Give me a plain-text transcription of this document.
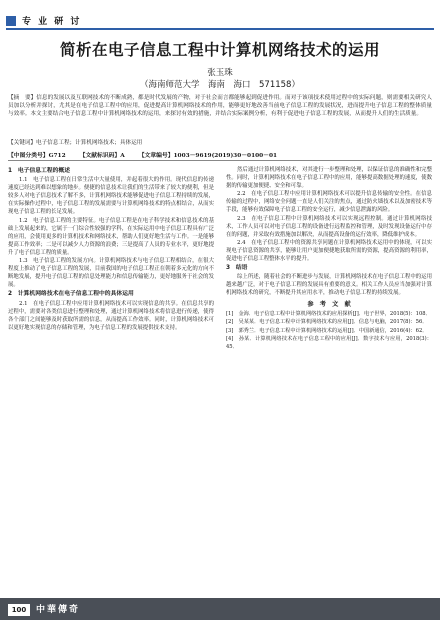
专 业 研 讨
简析在电子信息工程中计算机网络技术的运用
张玉珠
（海南师范大学　海南　海口　571158）
【摘　要】信息的发展以及互联网技术的不断成熟，都是时代发展的产物，对于社会而言都能够起到促进作用。而对于该项技术使用过程中的实际问题，则需要相关研究人员加以分析并探讨，尤其是在电子信息工程中的应用，促进提高计算机网络技术的作用，能够更好地改善当前电子信息工程的发展状况，进而提升电子信息工程的整体质量与效率。本文主要结合电子信息工程中计算机网络技术的运用，来探讨有效的措施，并结合实际案例分析，有利于促进电子信息工程的发展，从而提升人们的生活质量。
【关键词】电子信息工程；计算机网络技术；具体运用
【中图分类号】G712 【文献标识码】A 【文章编号】1003－9619(2019)30－0100－01
1　电子信息工程的概述

1.1　电子信息工程在日常生活中大量使用，并起着很大的作用。现代信息的传递速度已经达到难以想象的地步。便捷的信息技术让我们的生活带来了较大的便利，但是较多人对电子信息技术了解不多，计算机网络技术能够促进电子信息工程持续的发展，在实际操作过程中，电子信息工程的发展需要与计算机网络技术的特点相结合，从而实现电子信息工程的长足发展。

1.2　电子信息工程的主要特征。电子信息工程是在电子科学技术和信息技术的基础上发展起来的，它属于一门综合性较强的学科，在实际运用中电子信息工程具有广泛的应用，会使用更多的计算机技术和网络技术，帮助人们更好地生活与工作。一是能够提高工作效率；二是可以减少人力资源的浪费；三是提高了人员的专业水平，更好地提升了电子信息工程的质量。

1.3　电子信息工程的发展方向。计算机网络技术与电子信息工程相结合，在很大程度上推动了电子信息工程的发展，目前我国的电子信息工程正在朝着多元化的方向不断地发展，提升电子信息工程的信息处理能力和信息传输能力，更好地服务于社会的发展。

2　计算机网络技术在电子信息工程中的具体运用

2.1　在电子信息工程中应用计算机网络技术可以实现信息的共享。在信息共享的过程中，需要对各类信息进行整理和处理，通过计算机网络技术将信息进行传递，使得各个部门之间能够及时获取所需的信息，从而提高工作效率。同时，计算机网络技术可以更好地实现信息的存储和管理，为电子信息工程的发展提供技术支持。

然后通过计算机网络技术，对其进行一步整理和处理，以保证信息的准确性和完整性。同时，计算机网络技术在电子信息工程中的应用，能够提高数据处理的速度，使数据的传输更加便捷、安全和可靠。

2.2　在电子信息工程中应用计算机网络技术可以提升信息传输的安全性。在信息传输的过程中，网络安全问题一直是人们关注的焦点，通过防火墙技术以及加密技术等手段，能够有效保障电子信息工程的安全运行，减少信息泄露的风险。

2.3　在电子信息工程中计算机网络技术可以实现远程控制。通过计算机网络技术，工作人员可以对电子信息工程的设备进行远程监控和管理，及时发现设备运行中存在的问题，并采取有效措施加以解决，从而提高设备的运行效率，降低维护成本。

2.4　在电子信息工程中的资源共享问题在计算机网络技术运用中的体现，可以实现电子信息资源的共享，能够让用户更加便捷地获取所需的资源，提高资源的利用率，促进电子信息工程整体水平的提升。

3　结语

综上所述，随着社会的不断进步与发展，计算机网络技术在电子信息工程中的运用越来越广泛，对于电子信息工程的发展具有重要的意义。相关工作人员应当加强对计算机网络技术的研究，不断提升其应用水平，推动电子信息工程的持续发展。

参　考　文　献

[1]　金海．电子信息工程中计算机网络技术的应用探析[J]．电子世界，2018(5)：108．

[2]　吴某某．电子信息工程中计算机网络技术的应用[J]．信息与电脑，2017(8)：56．

[3]　郭秀兰．电子信息工程中计算机网络技术的运用[J]．中国新通信，2016(4)：62．

[4]　孙某．计算机网络技术在电子信息工程中的应用[J]．数字技术与应用，2018(3)：45．

100	中華傳奇
